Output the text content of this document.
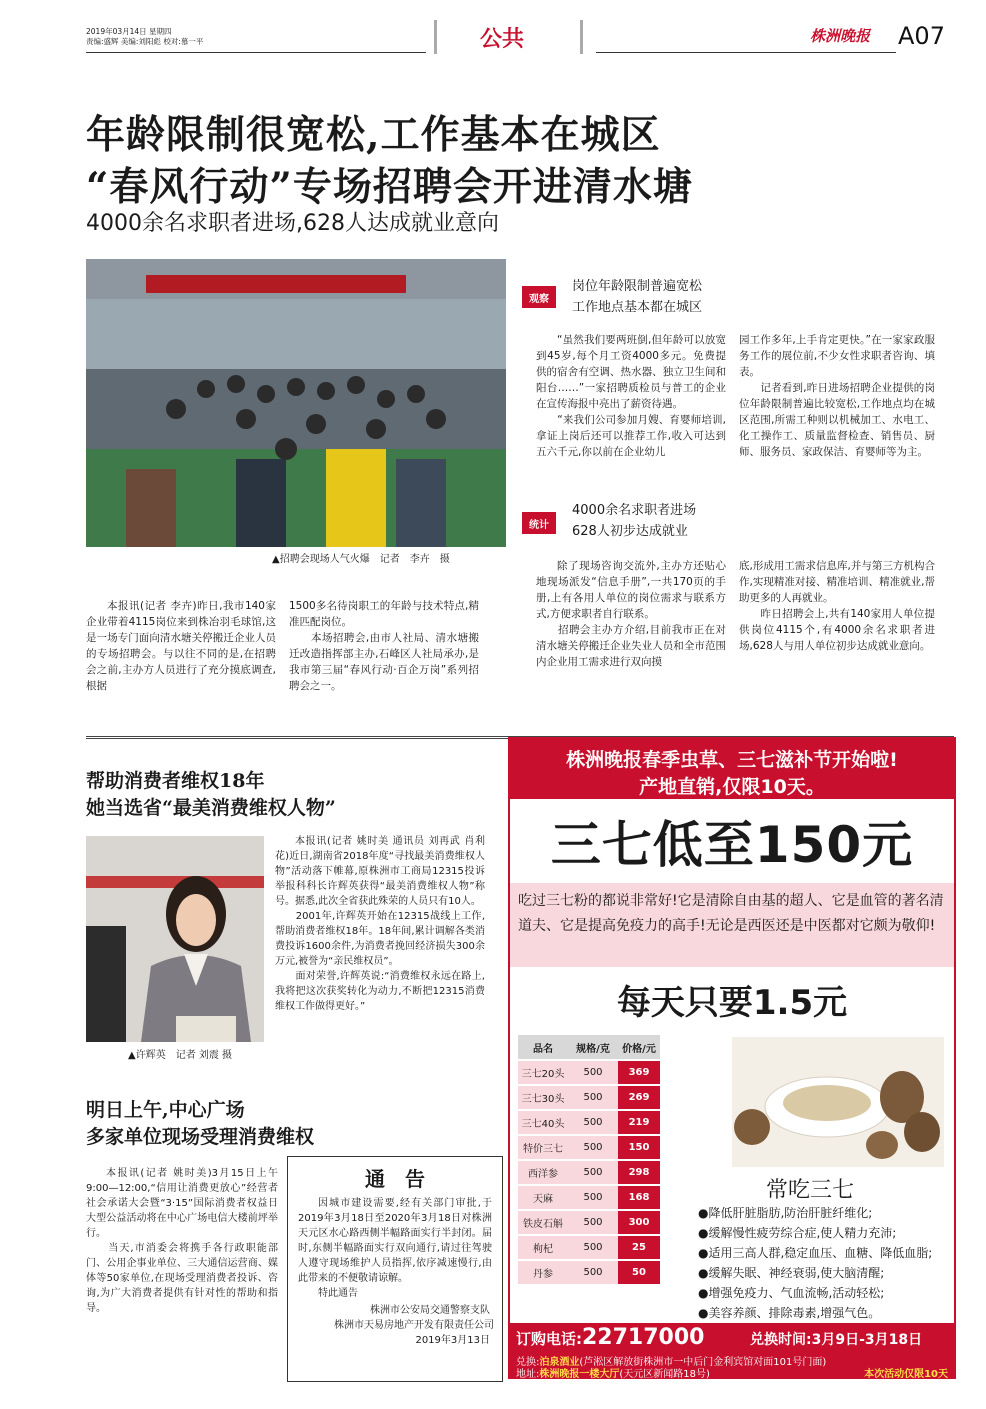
2019年03月14日 星期四
责编:盛辉 美编:刘阳彪 校对:慕一平	公共	株洲晚报 A07
年龄限制很宽松,工作基本在城区
“春风行动”专场招聘会开进清水塘
4000余名求职者进场,628人达成就业意向
▲招聘会现场人气火爆　记者　李卉　摄
本报讯(记者 李卉)昨日,我市140家企业带着4115岗位来到株冶羽毛球馆,这是一场专门面向清水塘关停搬迁企业人员的专场招聘会。与以往不同的是,在招聘会之前,主办方人员进行了充分摸底调查,根据
1500多名待岗职工的年龄与技术特点,精准匹配岗位。
　　本场招聘会,由市人社局、清水塘搬迁改造指挥部主办,石峰区人社局承办,是我市第三届“春风行动·百企万岗”系列招聘会之一。
观察
岗位年龄限制普遍宽松
工作地点基本都在城区
“虽然我们要两班倒,但年龄可以放宽到45岁,每个月工资4000多元。免费提供的宿舍有空调、热水器、独立卫生间和阳台……”一家招聘质检员与普工的企业在宣传海报中亮出了薪资待遇。
　　“来我们公司参加月嫂、育婴师培训,拿证上岗后还可以推荐工作,收入可达到五六千元,你以前在企业幼儿
园工作多年,上手肯定更快。”在一家家政服务工作的展位前,不少女性求职者咨询、填表。
　　记者看到,昨日进场招聘企业提供的岗位年龄限制普遍比较宽松,工作地点均在城区范围,所需工种则以机械加工、水电工、化工操作工、质量监督检查、销售员、厨师、服务员、家政保洁、育婴师等为主。
统计
4000余名求职者进场
628人初步达成就业
除了现场咨询交流外,主办方还贴心地现场派发“信息手册”,一共170页的手册,上有各用人单位的岗位需求与联系方式,方便求职者自行联系。
　　招聘会主办方介绍,目前我市正在对清水塘关停搬迁企业失业人员和全市范围内企业用工需求进行双向摸
底,形成用工需求信息库,并与第三方机构合作,实现精准对接、精准培训、精准就业,帮助更多的人再就业。
　　昨日招聘会上,共有140家用人单位提供岗位4115个,有4000余名求职者进场,628人与用人单位初步达成就业意向。
帮助消费者维权18年
她当选省“最美消费维权人物”
▲许辉英　记者 刘震 摄
本报讯(记者 姚时美 通讯员 刘再武 肖利花)近日,湖南省2018年度“寻找最美消费维权人物”活动落下帷幕,原株洲市工商局12315投诉举报科科长许辉英获得“最美消费维权人物”称号。据悉,此次全省获此殊荣的人员只有10人。
　　2001年,许辉英开始在12315战线上工作,帮助消费者维权18年。18年间,累计调解各类消费投诉1600余件,为消费者挽回经济损失300余万元,被誉为“亲民维权员”。
　　面对荣誉,许辉英说:“消费维权永远在路上,我将把这次获奖转化为动力,不断把12315消费维权工作做得更好。”
明日上午,中心广场
多家单位现场受理消费维权
本报讯(记者 姚时美)3月15日上午9:00—12:00,“信用让消费更放心”经营者社会承诺大会暨“3·15”国际消费者权益日大型公益活动将在中心广场电信大楼前坪举行。
　　当天,市消委会将携手各行政职能部门、公用企事业单位、三大通信运营商、媒体等50家单位,在现场受理消费者投诉、咨询,为广大消费者提供有针对性的帮助和指导。
通　告
因城市建设需要,经有关部门审批,于2019年3月18日至2020年3月18日对株洲天元区水心路西侧半幅路面实行半封闭。届时,东侧半幅路面实行双向通行,请过往驾驶人遵守现场维护人员指挥,依序减速慢行,由此带来的不便敬请谅解。
　　特此通告
株洲市公安局交通警察支队
株洲市天易房地产开发有限责任公司
2019年3月13日
株洲晚报春季虫草、三七滋补节开始啦!
产地直销,仅限10天。
三七低至150元
吃过三七粉的都说非常好!它是清除自由基的超人、它是血管的著名清道夫、它是提高免疫力的高手!无论是西医还是中医都对它颇为敬仰!
每天只要1.5元
品名	规格/克	价格/元
三七20头	500	369
三七30头	500	269
三七40头	500	219
特价三七	500	150
西洋参	500	298
天麻	500	168
铁皮石斛	500	300
枸杞	500	25
丹参	500	50
常吃三七
●降低肝脏脂肪,防治肝脏纤维化;
●缓解慢性疲劳综合症,使人精力充沛;
●适用三高人群,稳定血压、血糖、降低血脂;
●缓解失眠、神经衰弱,使大脑清醒;
●增强免疫力、气血流畅,活动轻松;
●美容养颜、排除毒素,增强气色。
订购电话:22717000	兑换时间:3月9日-3月18日
兑换:泊泉酒业(芦淞区解放街株洲市一中后门金利宾馆对面101号门面)
地址:株洲晚报一楼大厅(天元区新闻路18号)	本次活动仅限10天
